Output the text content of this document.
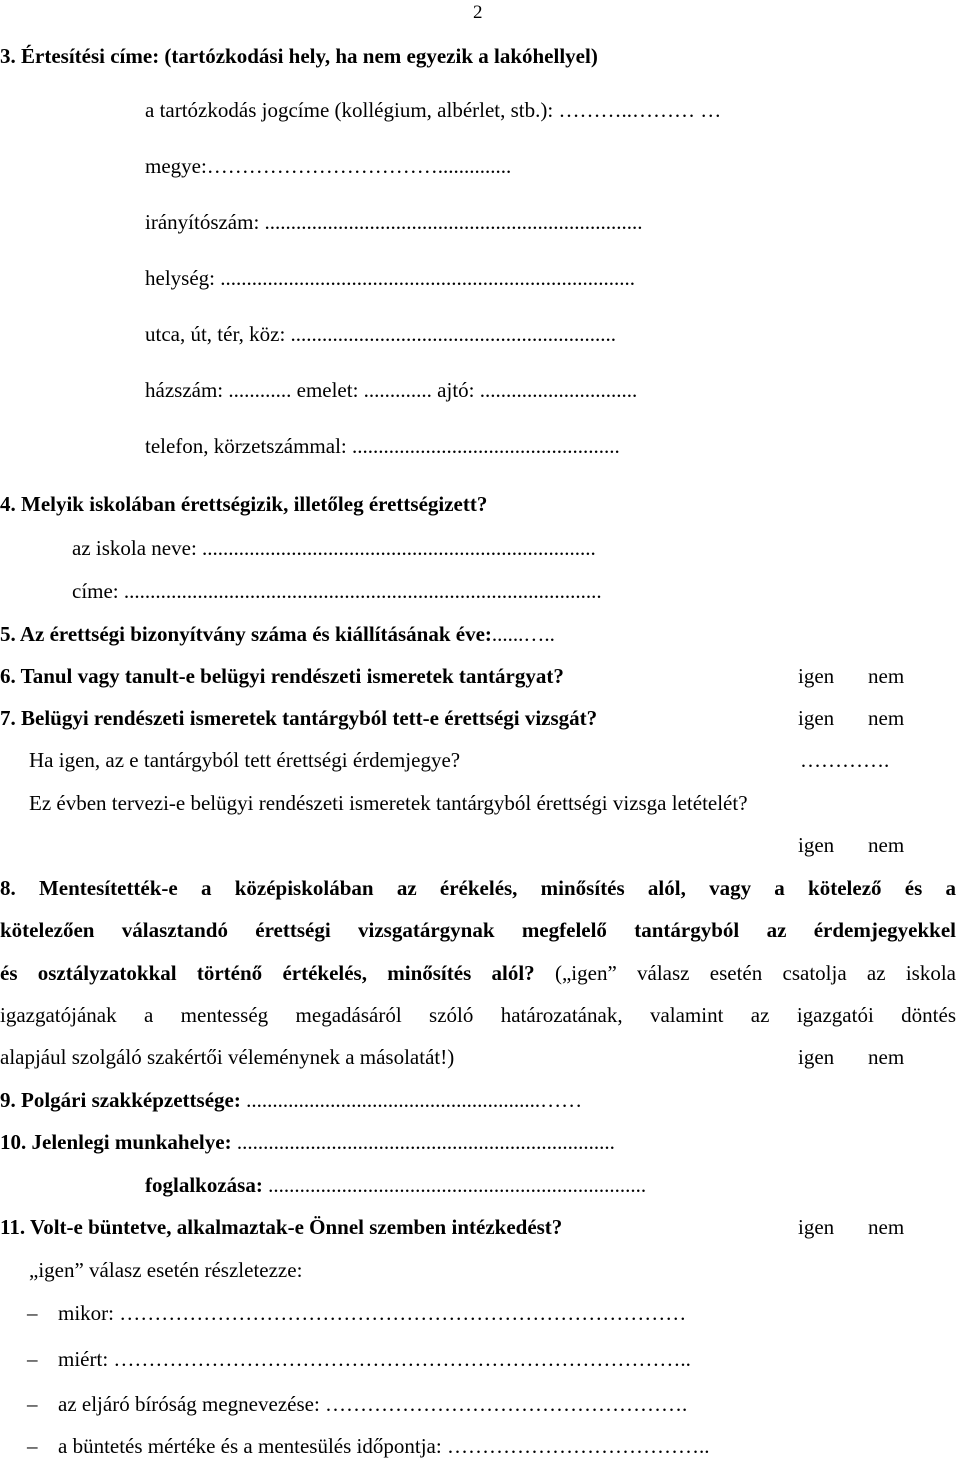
2
3. Értesítési címe: (tartózkodási hely, ha nem egyezik a lakóhellyel)
a tartózkodás jogcíme (kollégium, albérlet, stb.): ………..……… …
megye:……………………………..............
irányítószám: ........................................................................
helység: ...............................................................................
utca, út, tér, köz: ..............................................................
házszám: ............ emelet: ............. ajtó: ..............................
telefon, körzetszámmal: ...................................................
4. Melyik iskolában érettségizik, illetőleg érettségizett?
az iskola neve: ...........................................................................
címe: ...........................................................................................
5. Az érettségi bizonyítvány száma és kiállításának éve:......…..
6. Tanul vagy tanult-e belügyi rendészeti ismeretek tantárgyat?	igen nem
7. Belügyi rendészeti ismeretek tantárgyból tett-e érettségi vizsgát?	igen nem
Ha igen, az e tantárgyból tett érettségi érdemjegye?	………….
Ez évben tervezi-e belügyi rendészeti ismeretek tantárgyból érettségi vizsga letételét?
igen nem
8. Mentesítették-e a középiskolában az érékelés, minősítés alól, vagy a kötelező és a
kötelezően választandó érettségi vizsgatárgynak megfelelő tantárgyból az érdemjegyekkel
és osztályzatokkal történő értékelés, minősítés alól? („igen” válasz esetén csatolja az iskola
igazgatójának a mentesség megadásáról szóló határozatának, valamint az igazgatói döntés
alapjául szolgáló szakértői véleménynek a másolatát!)	igen nem
9. Polgári szakképzettsége: ........................................................……
10. Jelenlegi munkahelye: ........................................................................
foglalkozása: ........................................................................
11. Volt-e büntetve, alkalmaztak-e Önnel szemben intézkedést?	igen nem
„igen” válasz esetén részletezze:
– mikor: ………………………………………………………………………
– miért: ………………………………………………………………………..
– az eljáró bíróság megnevezése: …………………………………………….
– a büntetés mértéke és a mentesülés időpontja: ………………………………..
